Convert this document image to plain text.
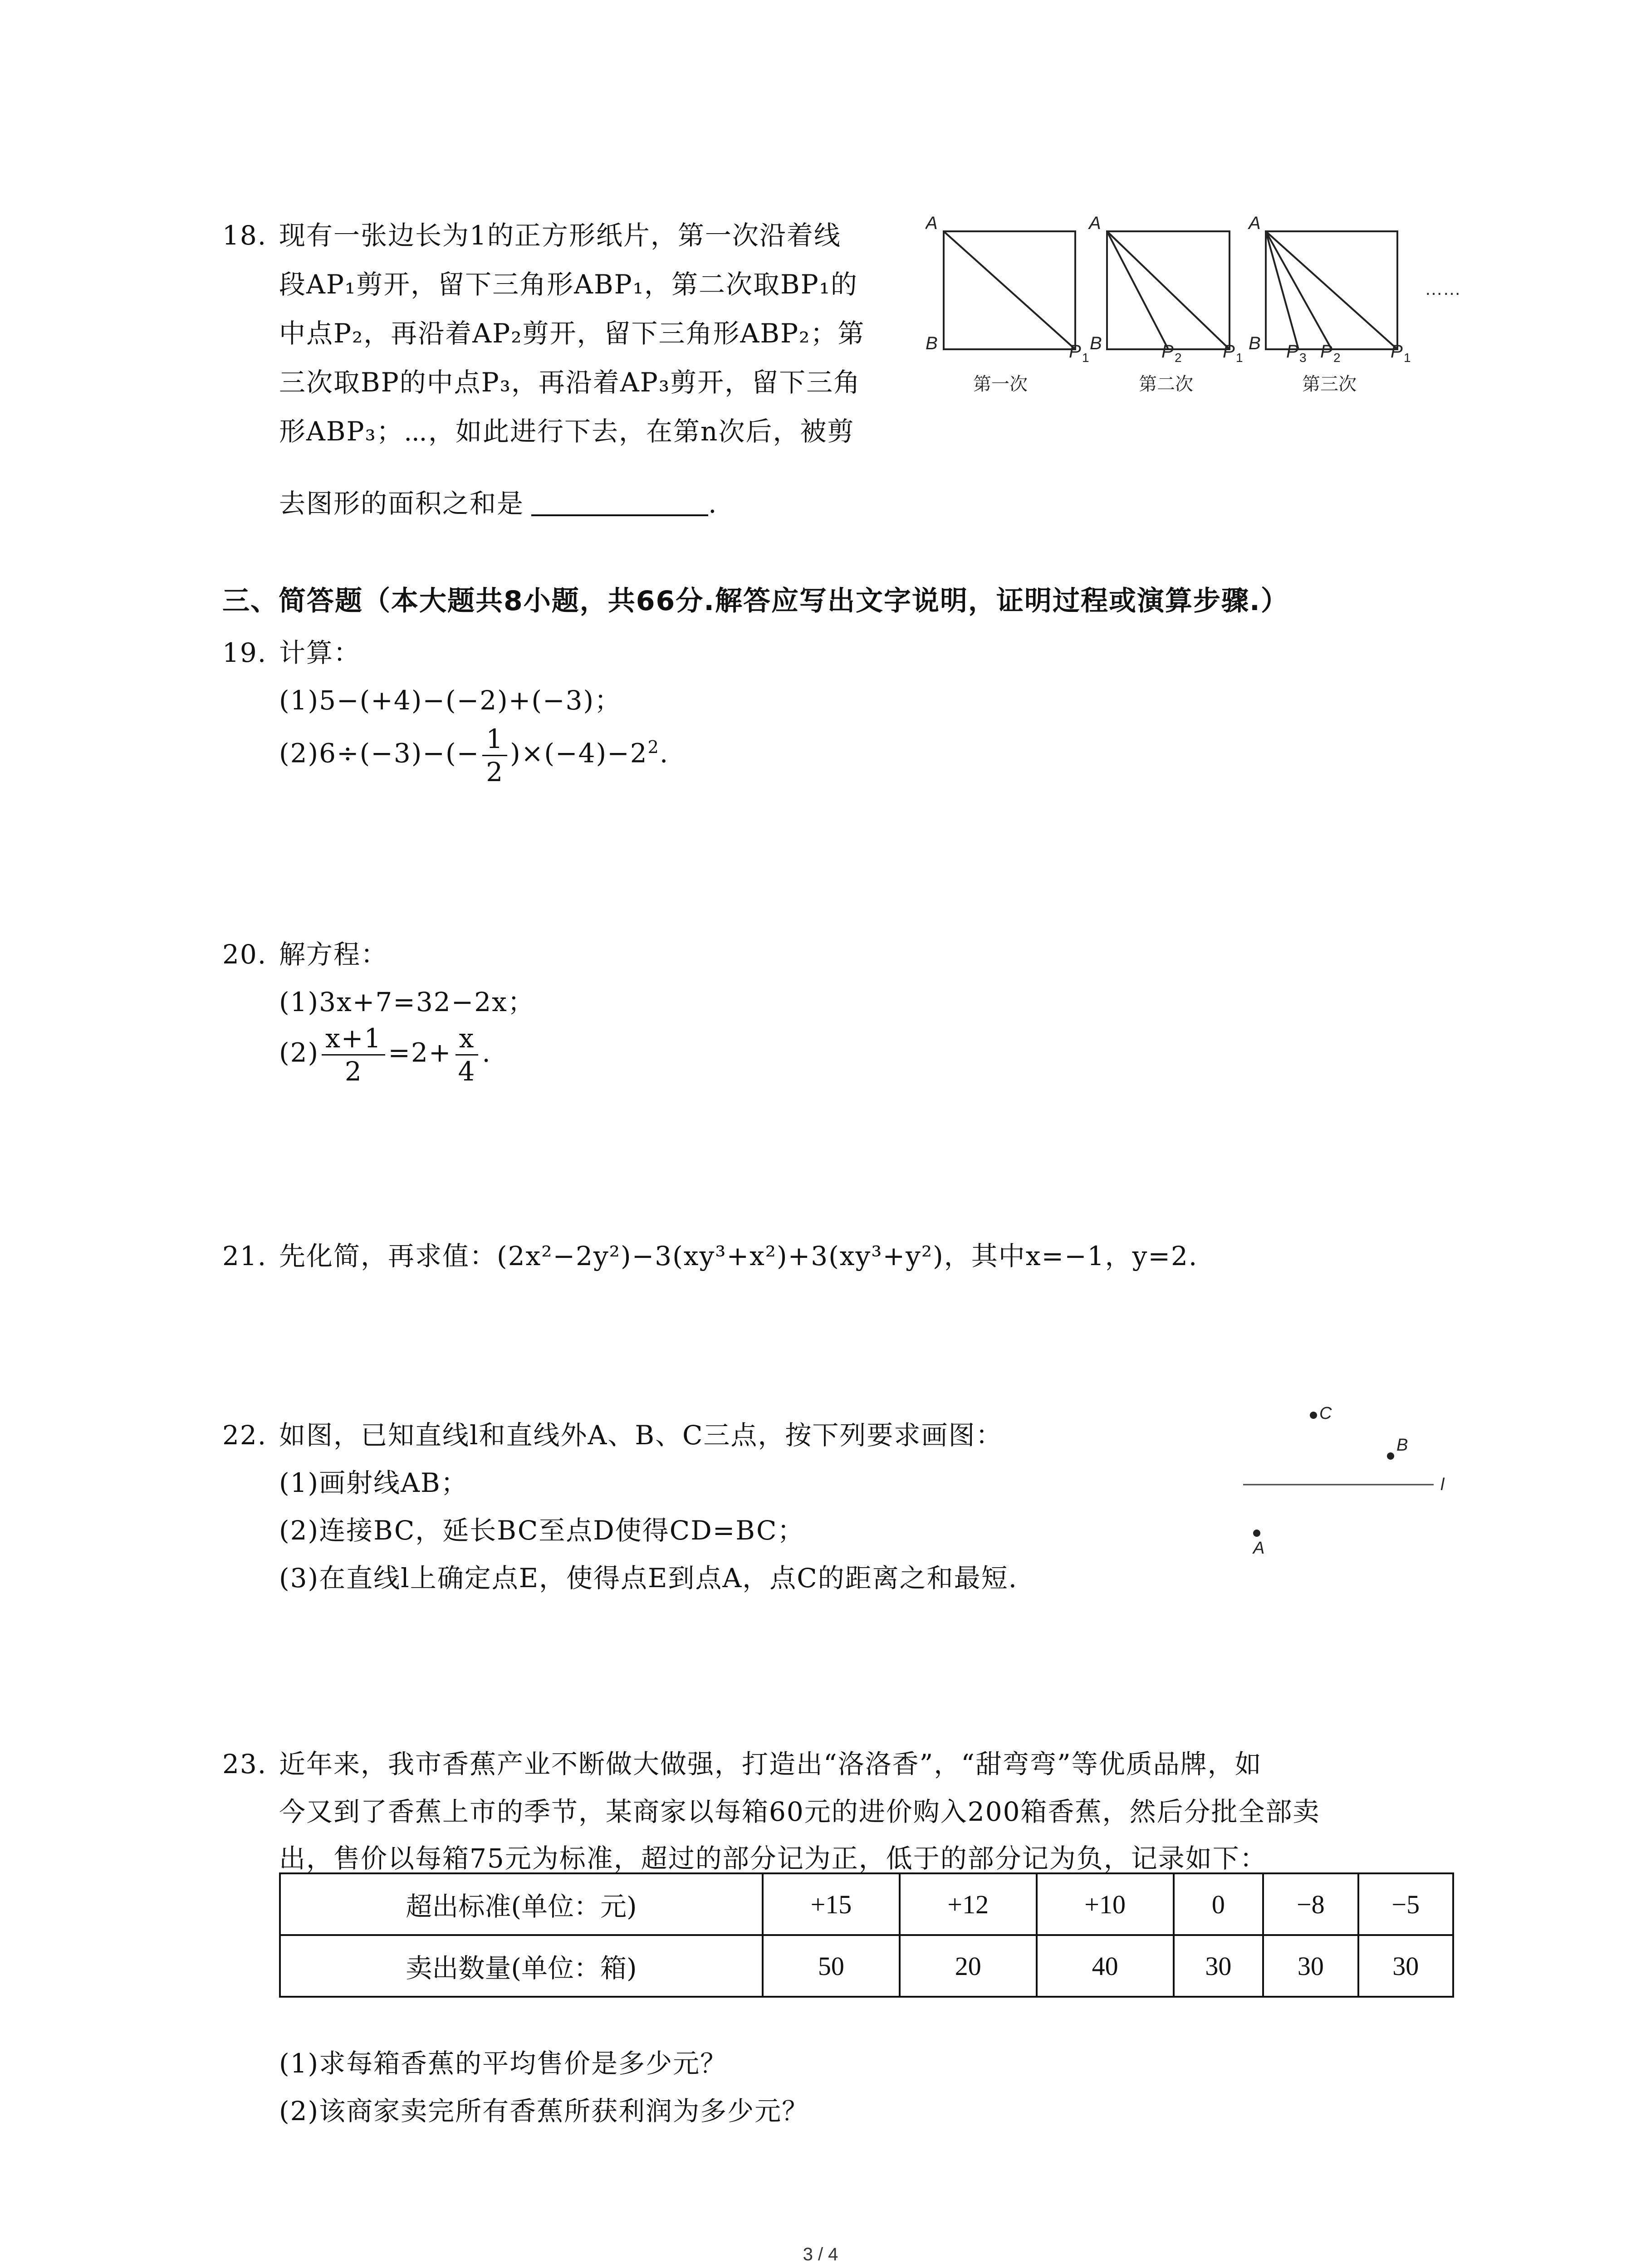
18. 现有一张边长为1的正方形纸片，第一次沿着线
段AP₁剪开，留下三角形ABP₁，第二次取BP₁的
中点P₂，再沿着AP₂剪开，留下三角形ABP₂；第
三次取BP的中点P₃，再沿着AP₃剪开，留下三角
形ABP₃；⋯，如此进行下去，在第n次后，被剪
去图形的面积之和是	.
A
B	P 1
A
B	P 2 P 1
A
B P 3 P 2	P 1
第一次	第二次	第三次
……
三、简答题（本大题共8小题，共66分.解答应写出文字说明，证明过程或演算步骤.）
19. 计算：
(1)5−(+4)−(−2)+(−3)；
$(2)6\div(-3)-(- \frac{1}{2} )\times(-4)-2^2$.
20. 解方程：
(1)3x+7=32−2x；
$(2) \frac{x+1}{2} =2+ \frac{x}{4}$ .
21. 先化简，再求值：(2x²−2y²)−3(xy³+x²)+3(xy³+y²)，其中x=−1，y=2.
22. 如图，已知直线l和直线外A、B、C三点，按下列要求画图：
(1)画射线AB；
(2)连接BC，延长BC至点D使得CD=BC；
(3)在直线l上确定点E，使得点E到点A，点C的距离之和最短.
C
B
A
l
23. 近年来，我市香蕉产业不断做大做强，打造出“洛洛香”，“甜弯弯”等优质品牌，如
今又到了香蕉上市的季节，某商家以每箱60元的进价购入200箱香蕉，然后分批全部卖
出，售价以每箱75元为标准，超过的部分记为正，低于的部分记为负，记录如下：
超出标准(单位：元)	+15	+12	+10	0	−8	−5
卖出数量(单位：箱)	50	20	40	30	30	30
(1)求每箱香蕉的平均售价是多少元？
(2)该商家卖完所有香蕉所获利润为多少元？
3 / 4
